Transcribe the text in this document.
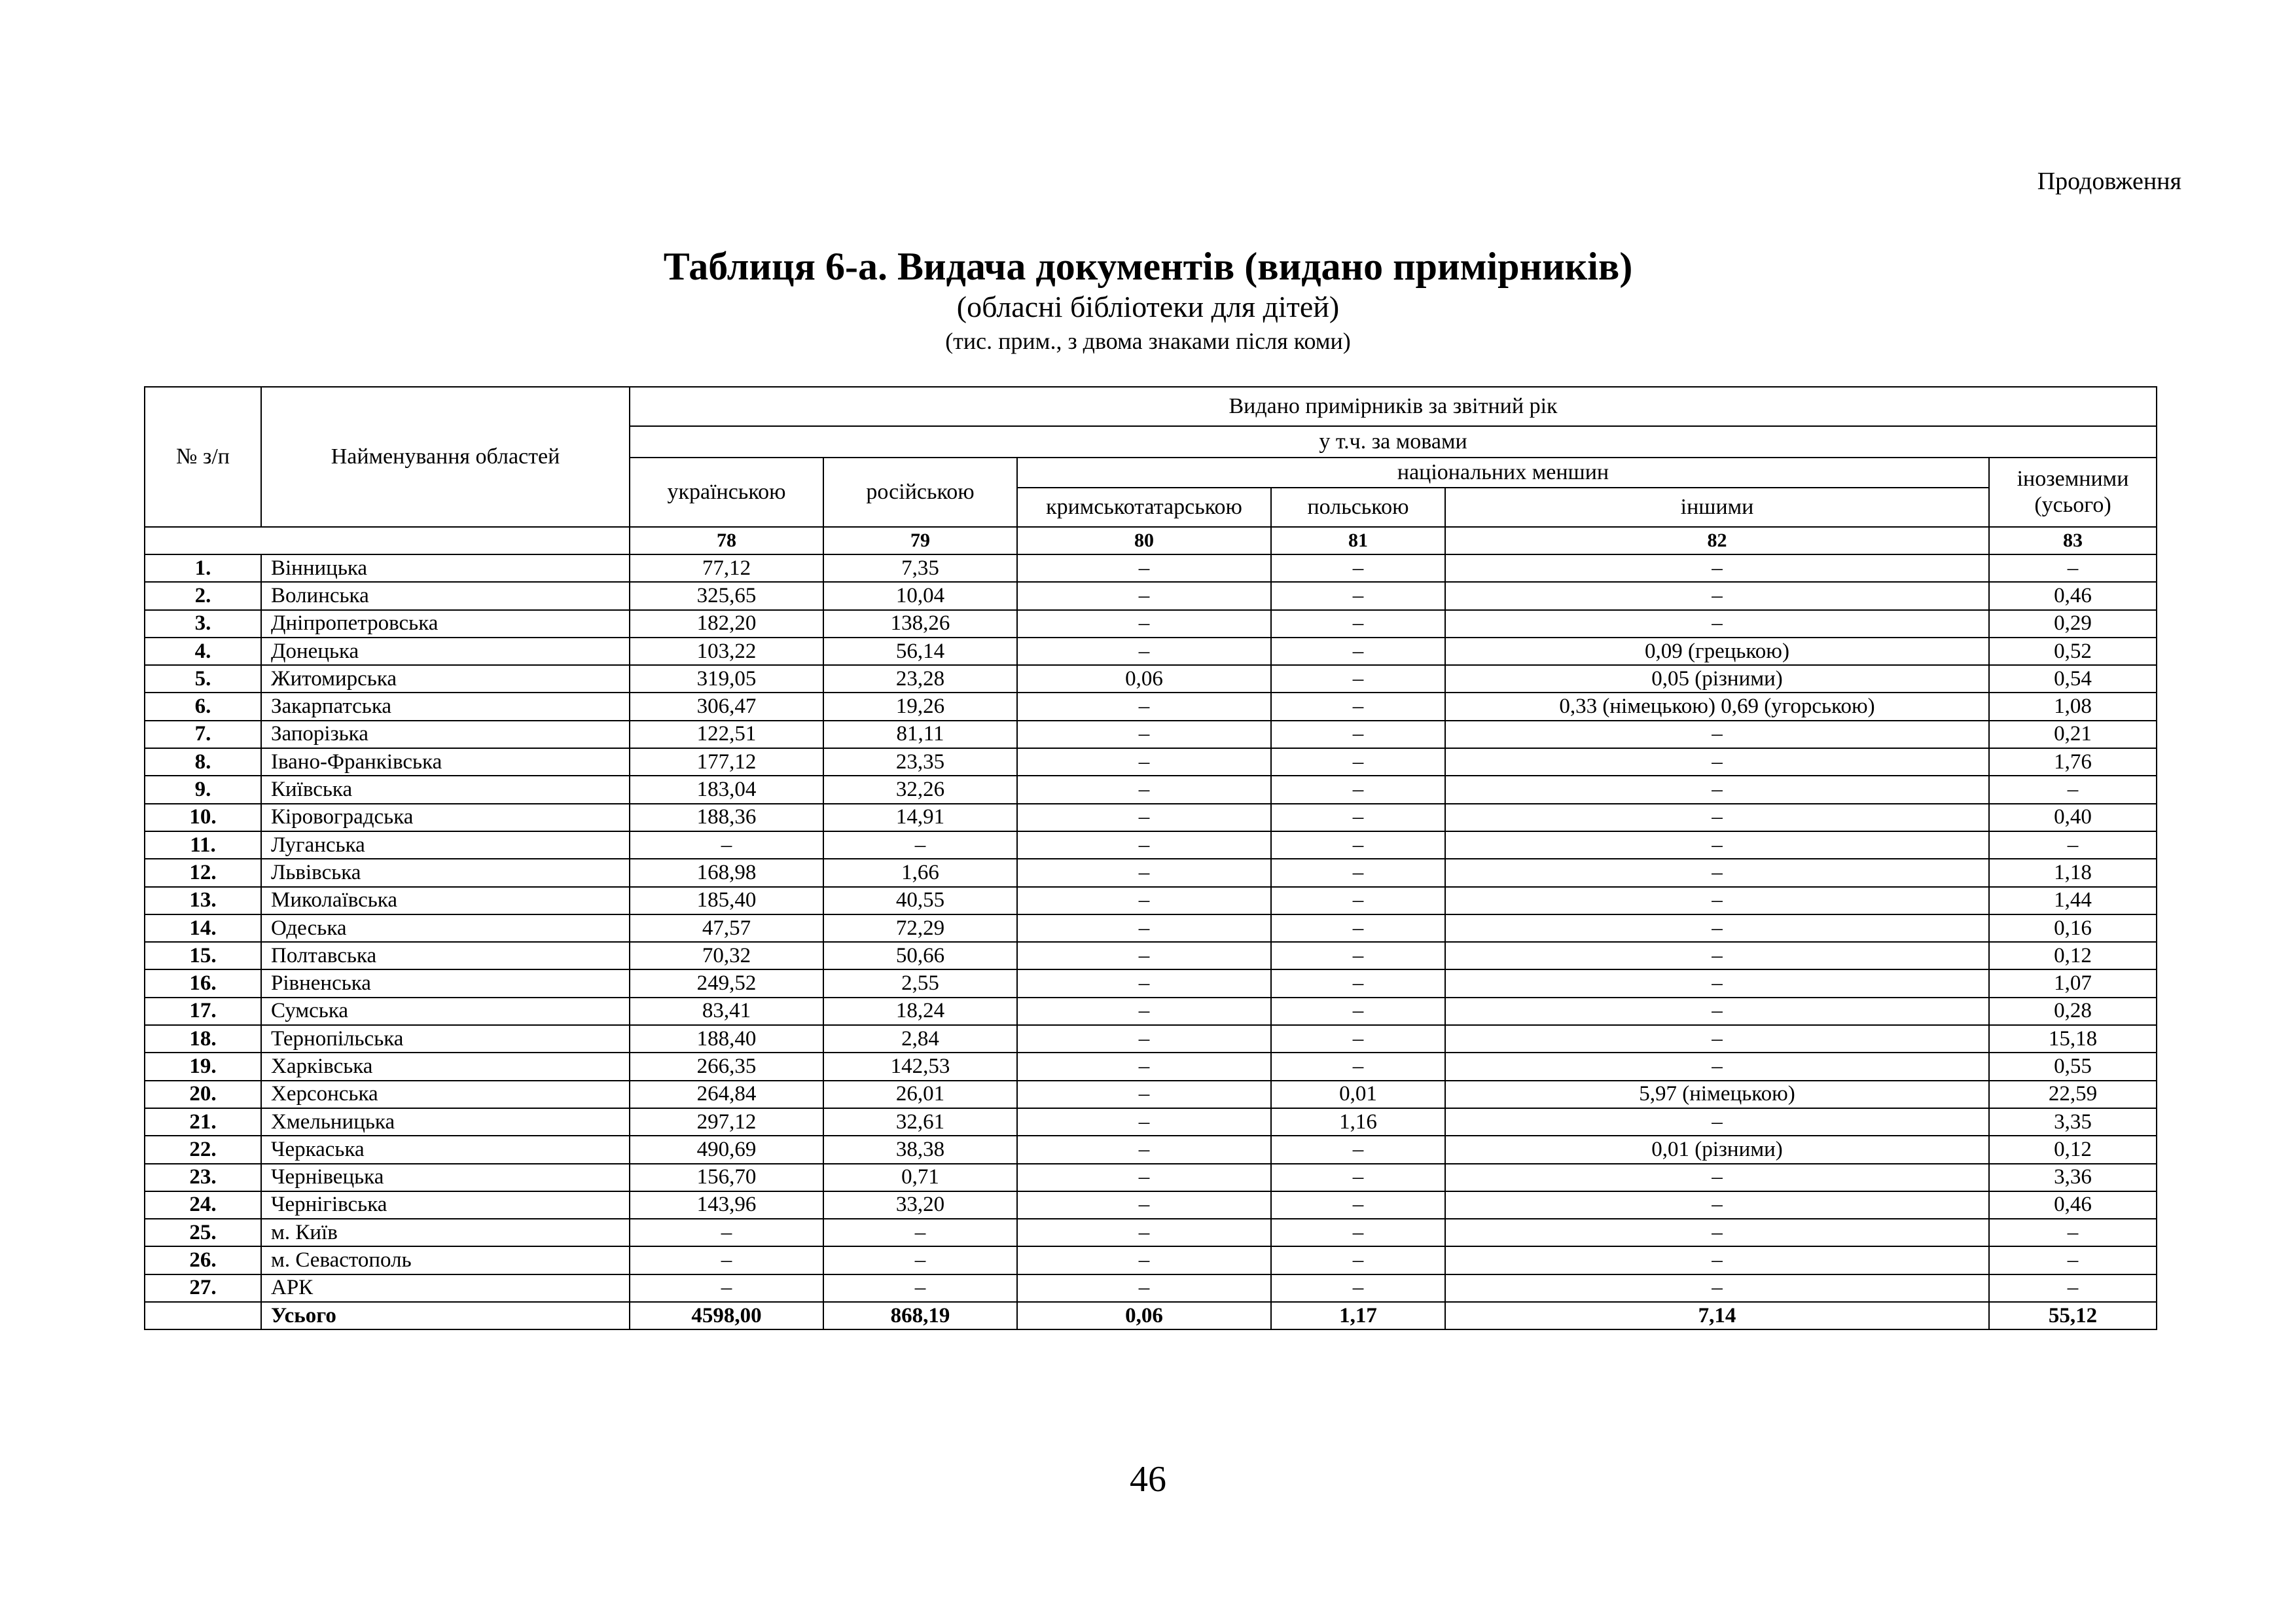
Продовження
Таблиця 6-а. Видача документів (видано примірників)
(обласні бібліотеки для дітей)
(тис. прим., з двома знаками після коми)
№ з/п	Найменування областей	Видано примірників за звітний рік					
		у т.ч. за мовами					
		українською	російською	національних меншин			іноземними (усього)
				кримськотатарською	польською	іншими	
		78	79	80	81	82	83
1.	Вінницька	77,12	7,35	–	–	–	–
2.	Волинська	325,65	10,04	–	–	–	0,46
3.	Дніпропетровська	182,20	138,26	–	–	–	0,29
4.	Донецька	103,22	56,14	–	–	0,09 (грецькою)	0,52
5.	Житомирська	319,05	23,28	0,06	–	0,05 (різними)	0,54
6.	Закарпатська	306,47	19,26	–	–	0,33 (німецькою) 0,69 (угорською)	1,08
7.	Запорізька	122,51	81,11	–	–	–	0,21
8.	Івано-Франківська	177,12	23,35	–	–	–	1,76
9.	Київська	183,04	32,26	–	–	–	–
10.	Кіровоградська	188,36	14,91	–	–	–	0,40
11.	Луганська	–	–	–	–	–	–
12.	Львівська	168,98	1,66	–	–	–	1,18
13.	Миколаївська	185,40	40,55	–	–	–	1,44
14.	Одеська	47,57	72,29	–	–	–	0,16
15.	Полтавська	70,32	50,66	–	–	–	0,12
16.	Рівненська	249,52	2,55	–	–	–	1,07
17.	Сумська	83,41	18,24	–	–	–	0,28
18.	Тернопільська	188,40	2,84	–	–	–	15,18
19.	Харківська	266,35	142,53	–	–	–	0,55
20.	Херсонська	264,84	26,01	–	0,01	5,97 (німецькою)	22,59
21.	Хмельницька	297,12	32,61	–	1,16	–	3,35
22.	Черкаська	490,69	38,38	–	–	0,01 (різними)	0,12
23.	Чернівецька	156,70	0,71	–	–	–	3,36
24.	Чернігівська	143,96	33,20	–	–	–	0,46
25.	м. Київ	–	–	–	–	–	–
26.	м. Севастополь	–	–	–	–	–	–
27.	АРК	–	–	–	–	–	–
	Усього	4598,00	868,19	0,06	1,17	7,14	55,12
46
